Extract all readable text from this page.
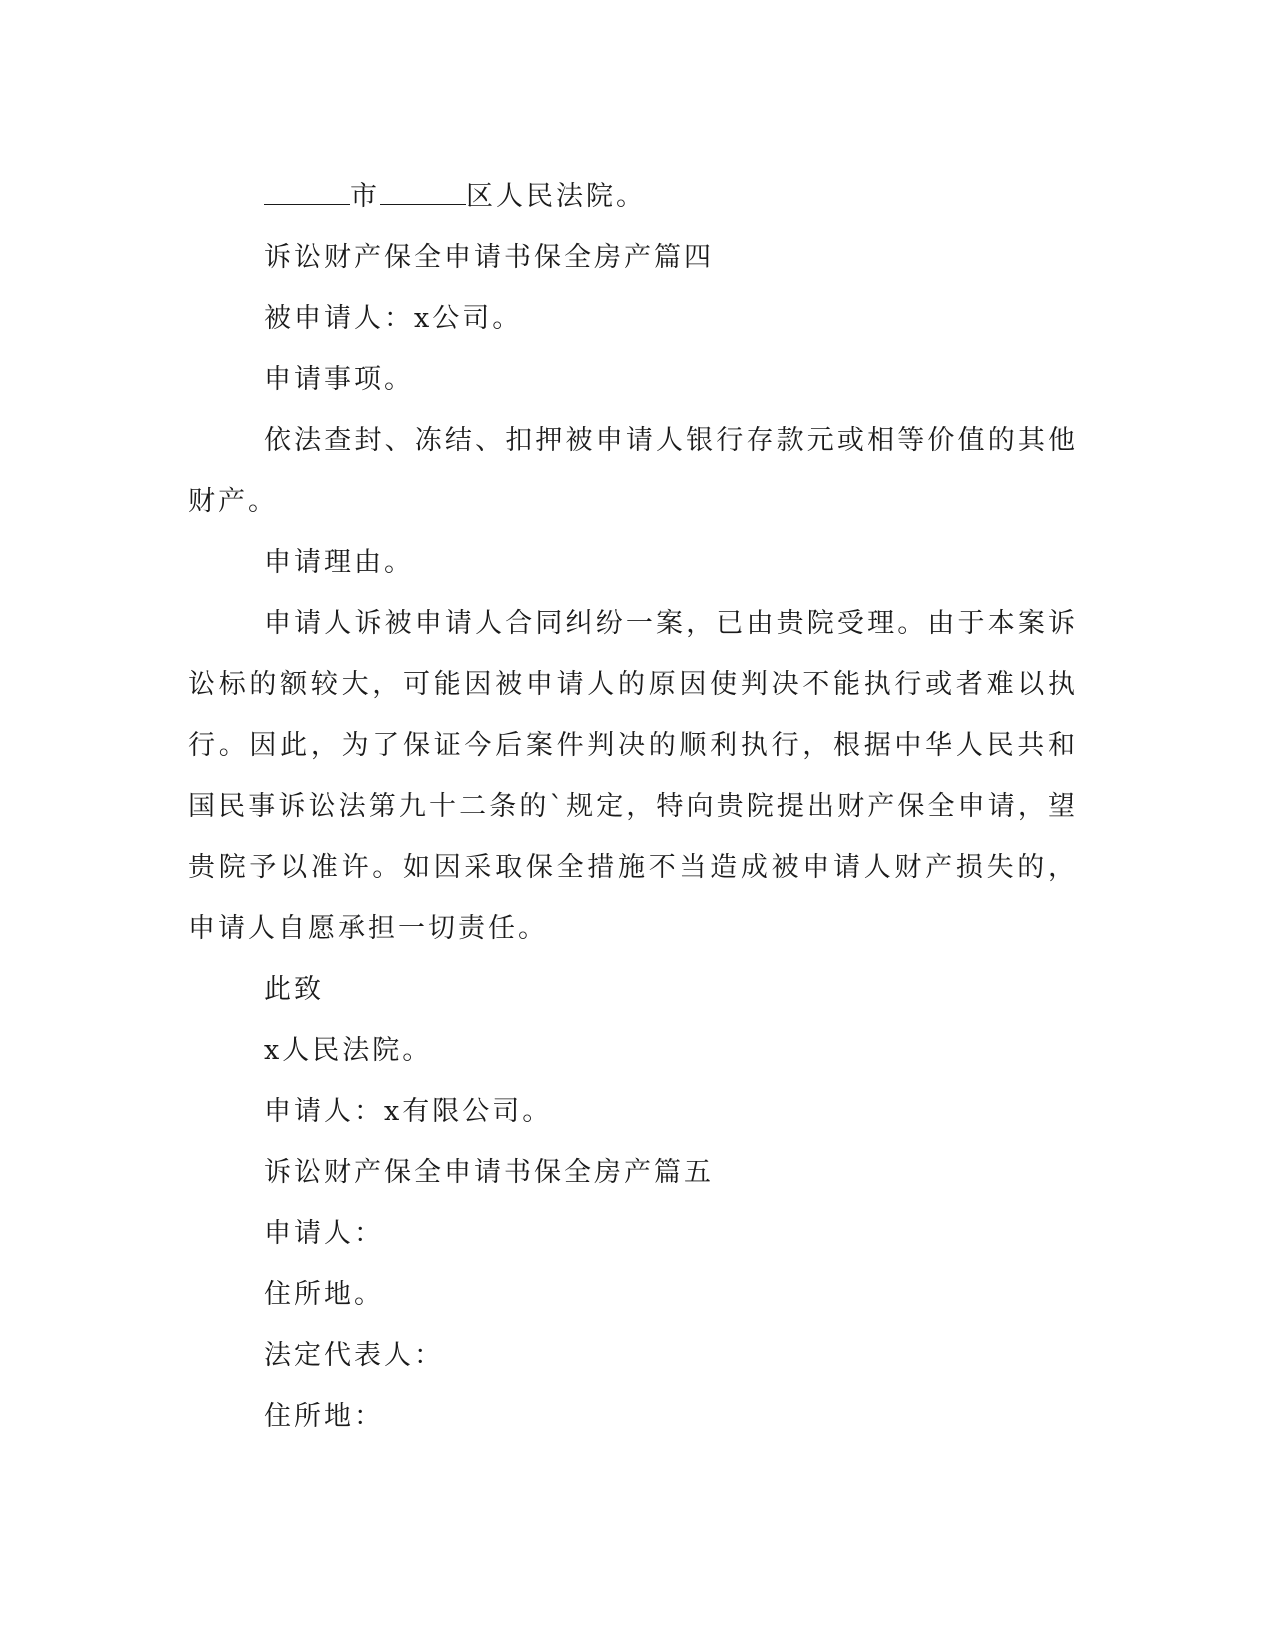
市	区人民法院。

诉讼财产保全申请书保全房产篇四

被申请人：x公司。

申请事项。

依法查封、冻结、扣押被申请人银行存款元或相等价值的其他财产。

申请理由。

申请人诉被申请人合同纠纷一案，已由贵院受理。由于本案诉讼标的额较大，可能因被申请人的原因使判决不能执行或者难以执行。因此，为了保证今后案件判决的顺利执行，根据中华人民共和国民事诉讼法第九十二条的`规定，特向贵院提出财产保全申请，望贵院予以准许。如因采取保全措施不当造成被申请人财产损失的，申请人自愿承担一切责任。

此致

x人民法院。

申请人：x有限公司。

诉讼财产保全申请书保全房产篇五

申请人：

住所地。

法定代表人：

住所地：
